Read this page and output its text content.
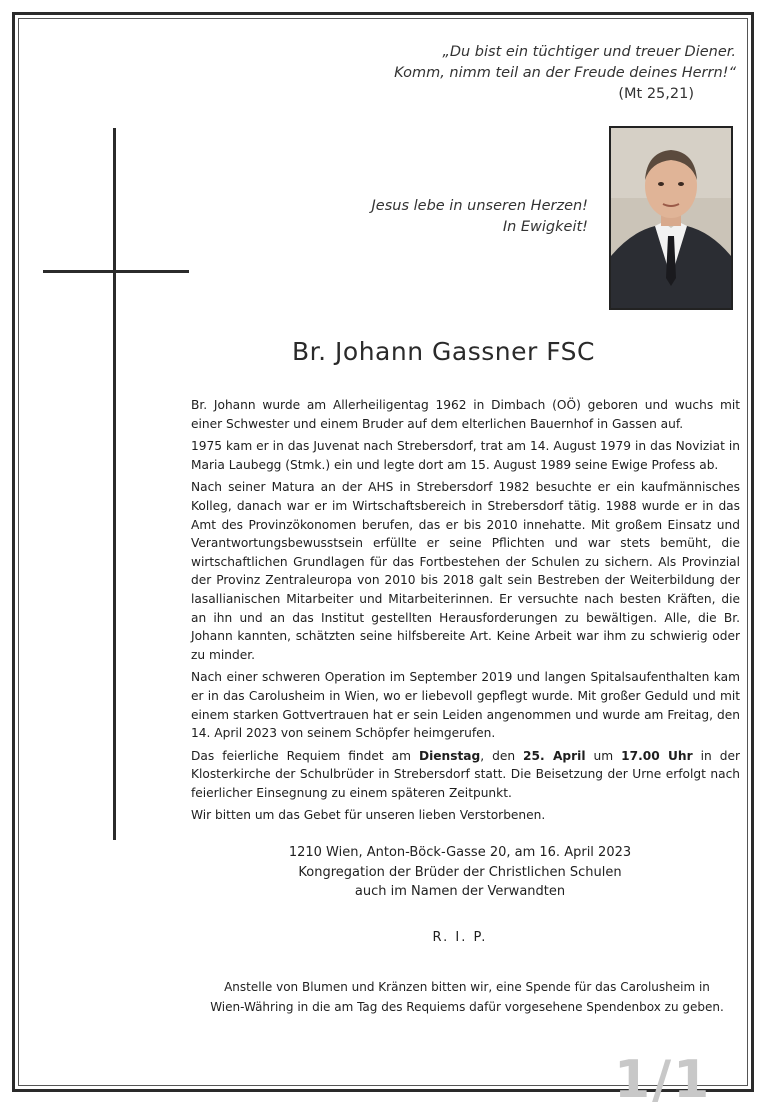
„Du bist ein tüchtiger und treuer Diener.
Komm, nimm teil an der Freude deines Herrn!“
(Mt 25,21)
Jesus lebe in unseren Herzen!
In Ewigkeit!
Br. Johann Gassner FSC

Br. Johann wurde am Allerheiligentag 1962 in Dimbach (OÖ) geboren und wuchs mit einer Schwester und einem Bruder auf dem elterlichen Bauernhof in Gassen auf.

1975 kam er in das Juvenat nach Strebersdorf, trat am 14. August 1979 in das Noviziat in Maria Laubegg (Stmk.) ein und legte dort am 15. August 1989 seine Ewige Profess ab.

Nach seiner Matura an der AHS in Strebersdorf 1982 besuchte er ein kaufmännisches Kolleg, danach war er im Wirtschaftsbereich in Strebersdorf tätig. 1988 wurde er in das Amt des Provinzökonomen berufen, das er bis 2010 innehatte. Mit großem Einsatz und Verantwortungsbewusstsein erfüllte er seine Pflichten und war stets bemüht, die wirtschaftlichen Grundlagen für das Fortbestehen der Schulen zu sichern. Als Provinzial der Provinz Zentraleuropa von 2010 bis 2018 galt sein Bestreben der Weiterbildung der lasallianischen Mitarbeiter und Mitarbeiterinnen. Er versuchte nach besten Kräften, die an ihn und an das Institut gestellten Herausforderungen zu bewältigen. Alle, die Br. Johann kannten, schätzten seine hilfsbereite Art. Keine Arbeit war ihm zu schwierig oder zu minder.

Nach einer schweren Operation im September 2019 und langen Spitalsaufenthalten kam er in das Carolusheim in Wien, wo er liebevoll gepflegt wurde. Mit großer Geduld und mit einem starken Gottvertrauen hat er sein Leiden angenommen und wurde am Freitag, den 14. April 2023 von seinem Schöpfer heimgerufen.

Das feierliche Requiem findet am Dienstag, den 25. April um 17.00 Uhr in der Klosterkirche der Schulbrüder in Strebersdorf statt. Die Beisetzung der Urne erfolgt nach feierlicher Einsegnung zu einem späteren Zeitpunkt.

Wir bitten um das Gebet für unseren lieben Verstorbenen.

1210 Wien, Anton-Böck-Gasse 20, am 16. April 2023
Kongregation der Brüder der Christlichen Schulen
auch im Namen der Verwandten
R. I. P.
Anstelle von Blumen und Kränzen bitten wir, eine Spende für das Carolusheim in
Wien-Währing in die am Tag des Requiems dafür vorgesehene Spendenbox zu geben.
1/1
